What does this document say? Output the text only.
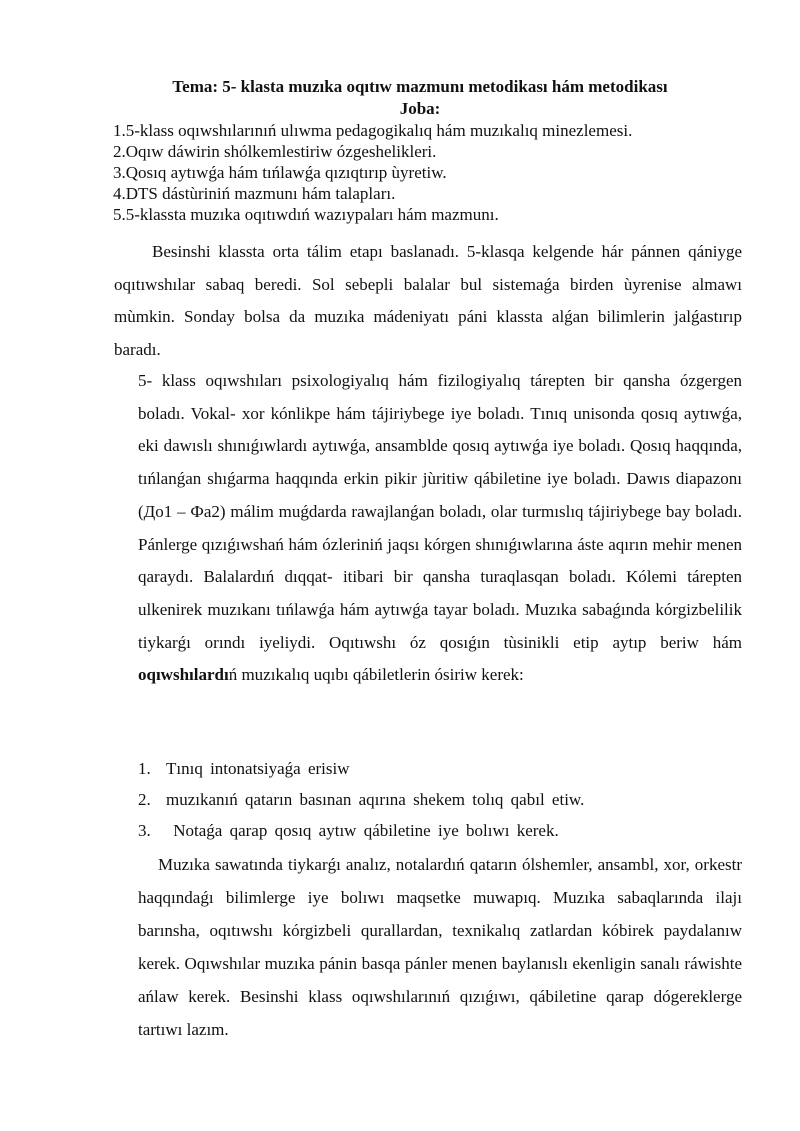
Tema: 5- klasta muzıka oqıtıw mazmunı metodikası hám metodikası
Joba:
1.5-klass oqıwshılarınıń ulıwma pedagogikalıq hám muzıkalıq minezlemesi.
2.Oqıw dáwirin shólkemlestiriw ózgeshelikleri.
3.Qosıq aytıwǵa hám tıńlawǵa qızıqtırıp ùyretiw.
4.DTS dástùriniń mazmunı hám talapları.
5.5-klassta muzıka oqıtıwdıń wazıypaları hám mazmunı.

Besinshi klassta orta tálim etapı baslanadı. 5-klasqa kelgende hár pánnen qániyge oqıtıwshılar sabaq beredi. Sol sebepli balalar bul sistemaǵa birden ùyrenise almawı mùmkin. Sonday bolsa da muzıka mádeniyatı páni klassta alǵan bilimlerin jalǵastırıp baradı.

5- klass oqıwshıları psixologiyalıq hám fizilogiyalıq tárepten bir qansha ózgergen boladı. Vokal- xor kónlikpe hám tájiriybege iye boladı. Tınıq unisonda qosıq aytıwǵa, eki dawıslı shınıǵıwlardı aytıwǵa, ansamblde qosıq aytıwǵa iye boladı. Qosıq haqqında, tıńlanǵan shıǵarma haqqında erkin pikir jùritiw qábiletine iye boladı. Dawıs diapazonı (До1 – Фа2) málim muǵdarda rawajlanǵan boladı, olar turmıslıq tájiriybege bay boladı. Pánlerge qızıǵıwshań hám ózleriniń jaqsı kórgen shınıǵıwlarına áste aqırın mehir menen qaraydı. Balalardıń dıqqat- itibari bir qansha turaqlasqan boladı. Kólemi tárepten ulkenirek muzıkanı tıńlawǵa hám aytıwǵa tayar boladı. Muzıka sabaǵında kórgizbelilik tiykarǵı orındı iyeliydi. Oqıtıwshı óz qosıǵın tùsinikli etip aytıp beriw hám oqıwshılardıń muzıkalıq uqıbı qábiletlerin ósiriw kerek:

1. Tınıq intonatsiyaǵa erisiw
2. muzıkanıń qatarın basınan aqırına shekem tolıq qabıl etiw.
3. Notaǵa qarap qosıq aytıw qábiletine iye bolıwı kerek.

Muzıka sawatında tiykarǵı analız, notalardıń qatarın ólshemler, ansambl, xor, orkestr haqqındaǵı bilimlerge iye bolıwı maqsetke muwapıq. Muzıka sabaqlarında ilajı barınsha, oqıtıwshı kórgizbeli qurallardan, texnikalıq zatlardan kóbirek paydalanıw kerek. Oqıwshılar muzıka pánin basqa pánler menen baylanıslı ekenligin sanalı ráwishte ańlaw kerek. Besinshi klass oqıwshılarınıń qızıǵıwı, qábiletine qarap dógereklerge tartıwı lazım.
